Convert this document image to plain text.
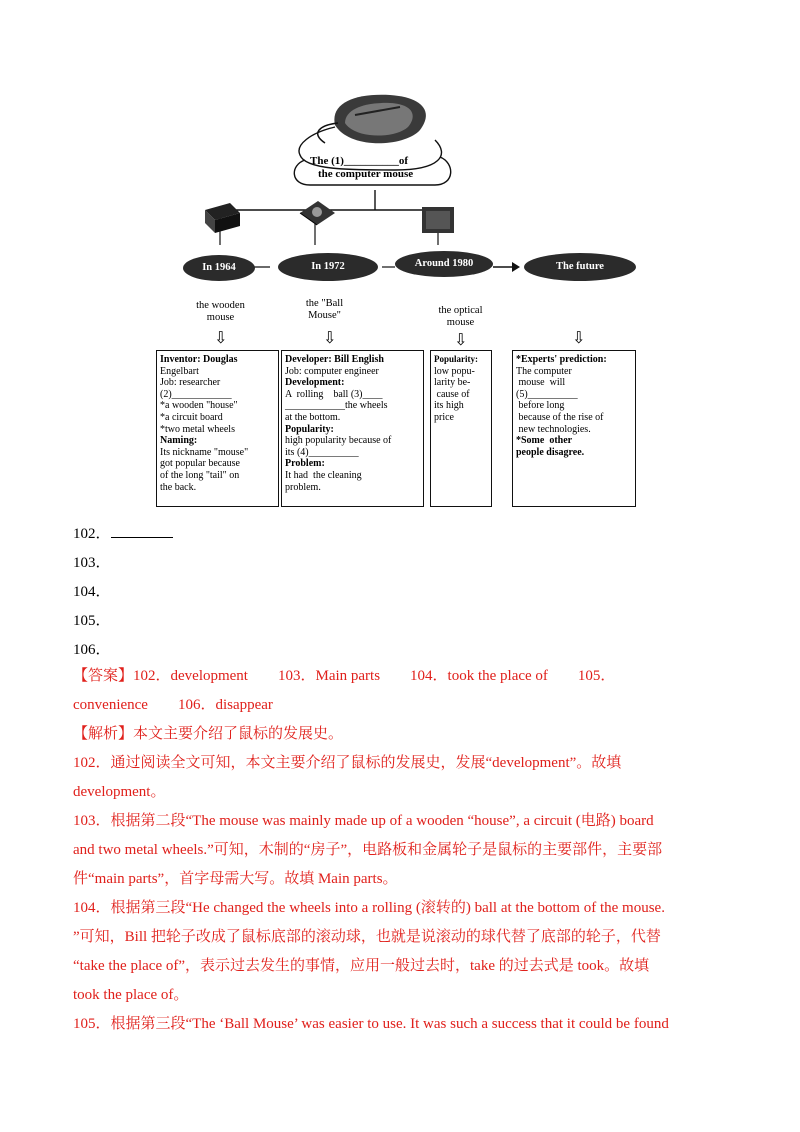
The (1)__________of
the computer mouse
In 1964	In 1972	Around 1980	The future
the wooden
mouse
the "Ball
Mouse"	the optical
mouse
⇩	⇩	⇩	⇩
Inventor: Douglas
Engelbart
Job: researcher
(2)____________
*a wooden "house"
*a circuit board
*two metal wheels
Naming:
Its nickname "mouse"
got popular because
of the long "tail" on
the back.
Developer: Bill English
Job: computer engineer
Development:
A  rolling    ball (3)____
____________the wheels
at the bottom.
Popularity:
high popularity because of
its (4)__________
Problem:
It had  the cleaning
problem.
Popularity:
low popu-
larity be-
cause of
its high
price
*Experts' prediction:
The computer
mouse  will
(5)__________
before long
because of the rise of
new technologies.
*Some  other
people disagree.
102．
103．
104．
105．
106．

【答案】102．development        103．Main parts        104．took the place of        105．

convenience        106．disappear

【解析】本文主要介绍了鼠标的发展史。

102．通过阅读全文可知，本文主要介绍了鼠标的发展史，发展“development”。故填

development。

103．根据第二段“The mouse was mainly made up of a wooden “house”, a circuit (电路) board

and two metal wheels.”可知，木制的“房子”，电路板和金属轮子是鼠标的主要部件，主要部

件“main parts”，首字母需大写。故填 Main parts。

104．根据第三段“He changed the wheels into a rolling (滚转的) ball at the bottom of the mouse.

”可知，Bill 把轮子改成了鼠标底部的滚动球，也就是说滚动的球代替了底部的轮子，代替

“take the place of”，表示过去发生的事情，应用一般过去时，take 的过去式是 took。故填

took the place of。

105．根据第三段“The ‘Ball Mouse’ was easier to use. It was such a success that it could be found
